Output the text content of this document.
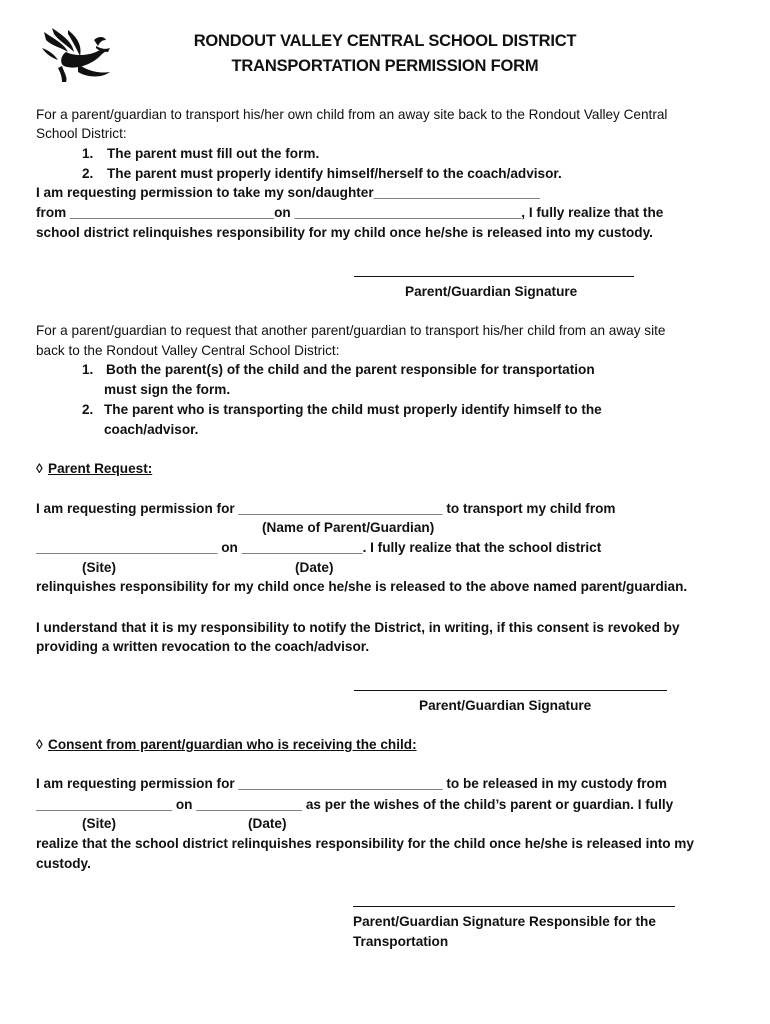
RONDOUT VALLEY CENTRAL SCHOOL DISTRICT
TRANSPORTATION PERMISSION FORM
For a parent/guardian to transport his/her own child from an away site back to the Rondout Valley Central
School District:
1. The parent must fill out the form.
2. The parent must properly identify himself/herself to the coach/advisor.
I am requesting permission to take my son/daughter______________________
from ___________________________on ______________________________, I fully realize that the
school district relinquishes responsibility for my child once he/she is released into my custody.
Parent/Guardian Signature
For a parent/guardian to request that another parent/guardian to transport his/her child from an away site
back to the Rondout Valley Central School District:
1. Both the parent(s) of the child and the parent responsible for transportation
must sign the form.
2. The parent who is transporting the child must properly identify himself to the
coach/advisor.
◊ Parent Request:
I am requesting permission for ___________________________ to transport my child from
(Name of Parent/Guardian)
________________________ on ________________. I fully realize that the school district
(Site)	(Date)
relinquishes responsibility for my child once he/she is released to the above named parent/guardian.
I understand that it is my responsibility to notify the District, in writing, if this consent is revoked by
providing a written revocation to the coach/advisor.
Parent/Guardian Signature
◊ Consent from parent/guardian who is receiving the child:
I am requesting permission for ___________________________ to be released in my custody from
__________________ on ______________ as per the wishes of the child’s parent or guardian. I fully
(Site)	(Date)
realize that the school district relinquishes responsibility for the child once he/she is released into my
custody.
Parent/Guardian Signature Responsible for the
Transportation
